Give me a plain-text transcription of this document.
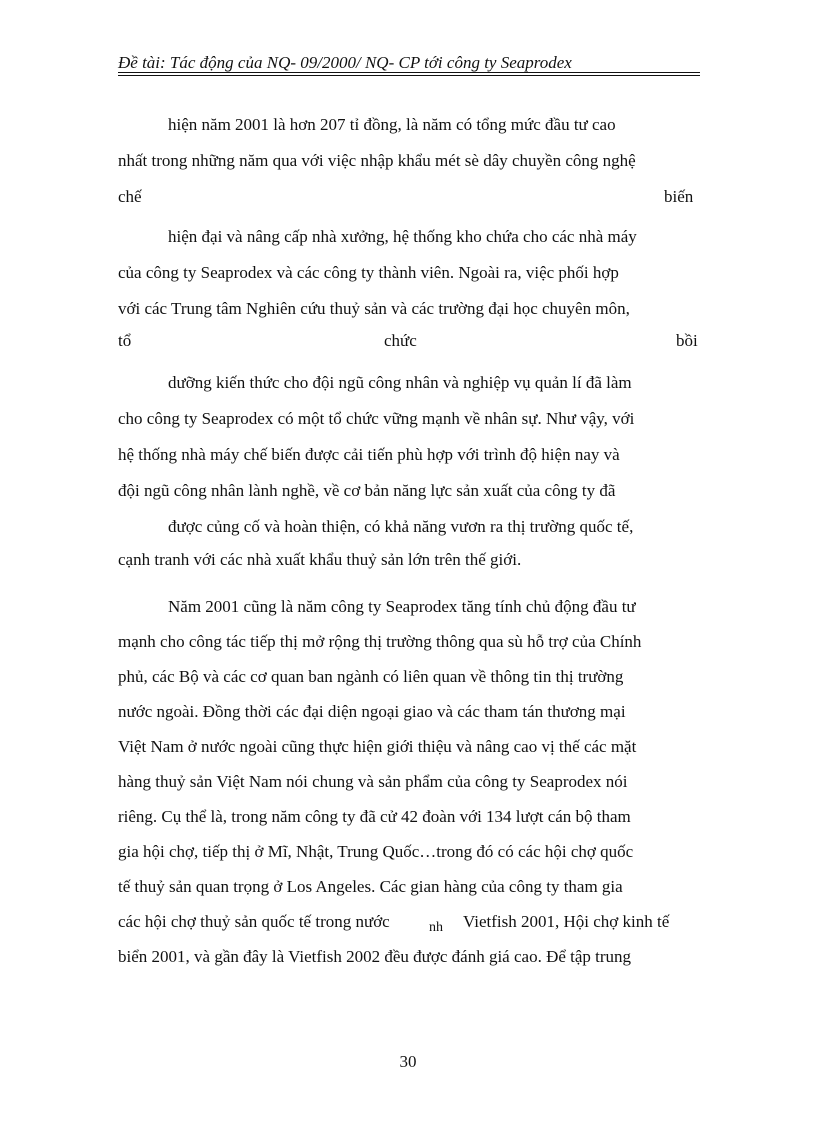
Đề tài: Tác động của NQ- 09/2000/ NQ- CP tới công ty Seaprodex
hiện năm 2001 là hơn 207 tỉ đồng, là năm có tổng mức đầu tư cao
nhất trong những năm qua với việc nhập khẩu mét sè dây chuyền công nghệ
chế	biến
hiện đại và nâng cấp nhà xưởng, hệ thống kho chứa cho các nhà máy
của công ty Seaprodex và các công ty thành viên. Ngoài ra, việc phối hợp
với các Trung tâm Nghiên cứu thuỷ sản và các trường đại học chuyên môn,
tổ	chức	bồi
dưỡng kiến thức cho đội ngũ công nhân và nghiệp vụ quản lí đã làm
cho công ty Seaprodex có một tổ chức vững mạnh về nhân sự. Như vậy, với
hệ thống nhà máy chế biến được cải tiến phù hợp với trình độ hiện nay và
đội ngũ công nhân lành nghề, về cơ bản năng lực sản xuất của công ty đã
được củng cố và hoàn thiện, có khả năng vươn ra thị trường quốc tế,
cạnh tranh với các nhà xuất khẩu thuỷ sản lớn trên thế giới.
Năm 2001 cũng là năm công ty Seaprodex tăng tính chủ động đầu tư
mạnh cho công tác tiếp thị mở rộng thị trường thông qua sù hỗ trợ của Chính
phủ, các Bộ và các cơ quan ban ngành có liên quan về thông tin thị trường
nước ngoài. Đồng thời các đại diện ngoại giao và các tham tán thương mại
Việt Nam ở nước ngoài cũng thực hiện giới thiệu và nâng cao vị thế các mặt
hàng thuỷ sản Việt Nam nói chung và sản phẩm của công ty Seaprodex nói
riêng. Cụ thể là, trong năm công ty đã cử 42 đoàn với 134 lượt cán bộ tham
gia hội chợ, tiếp thị ở Mĩ, Nhật, Trung Quốc…trong đó có các hội chợ quốc
tế thuỷ sản quan trọng ở Los Angeles. Các gian hàng của công ty tham gia
các hội chợ thuỷ sản quốc tế trong nước	nh Vietfish 2001, Hội chợ kinh tế
biển 2001, và gần đây là Vietfish 2002 đều được đánh giá cao. Để tập trung
30
